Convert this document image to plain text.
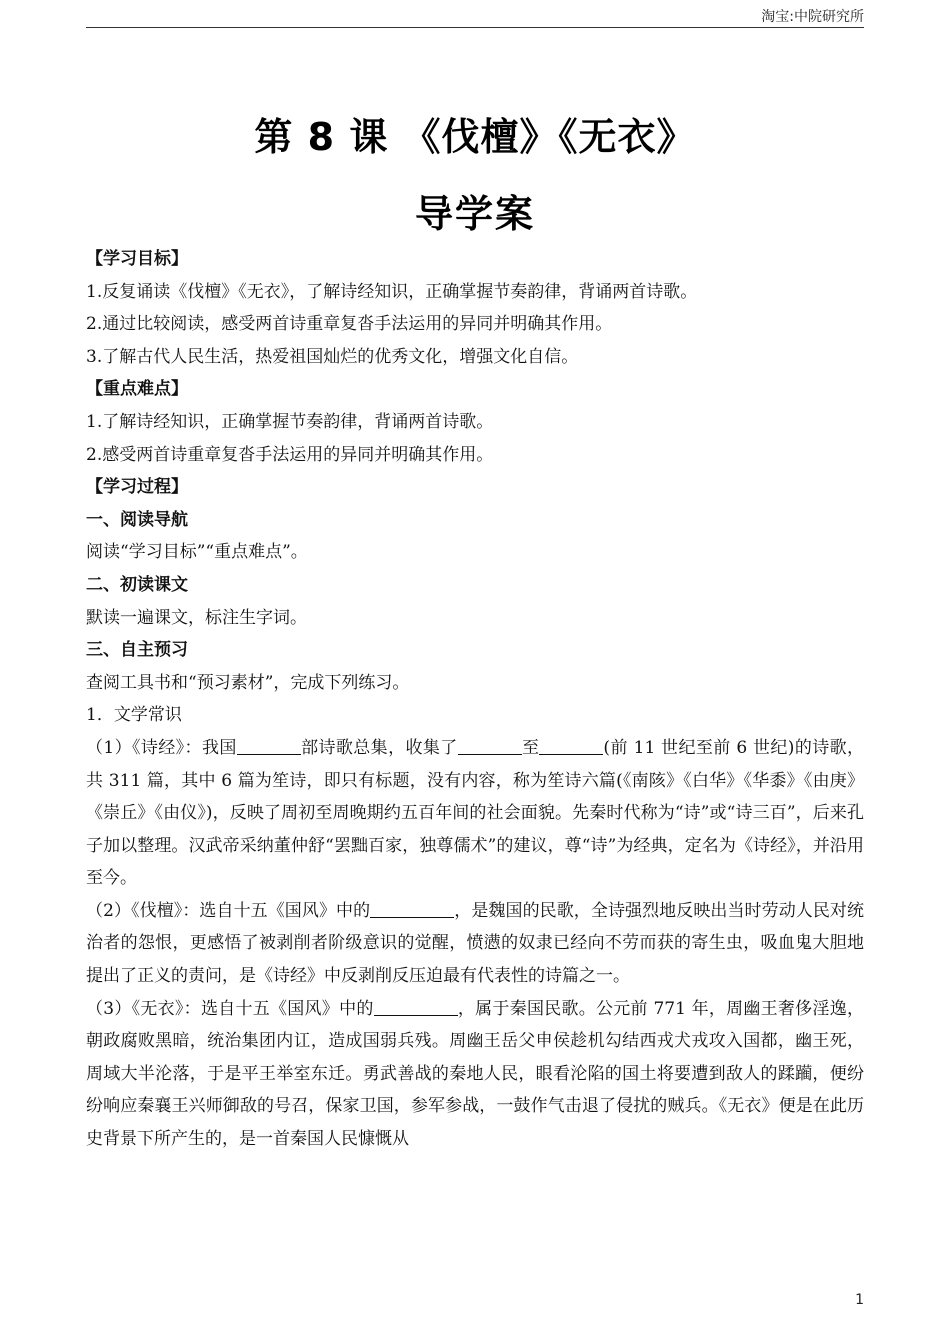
淘宝:中院研究所
第 8 课 《伐檀》《无衣》
导学案

【学习目标】

1.反复诵读《伐檀》《无衣》，了解诗经知识，正确掌握节奏韵律，背诵两首诗歌。

2.通过比较阅读，感受两首诗重章复沓手法运用的异同并明确其作用。

3.了解古代人民生活，热爱祖国灿烂的优秀文化，增强文化自信。

【重点难点】

1.了解诗经知识，正确掌握节奏韵律，背诵两首诗歌。

2.感受两首诗重章复沓手法运用的异同并明确其作用。

【学习过程】

一、阅读导航

阅读“学习目标”“重点难点”。

二、初读课文

默读一遍课文，标注生字词。

三、自主预习

查阅工具书和“预习素材”，完成下列练习。

1．文学常识

（1）《诗经》：我国	部诗歌总集，收集了	至	(前 11 世纪至前 6 世纪)的诗歌，共 311 篇，其中 6 篇为笙诗，即只有标题，没有内容，称为笙诗六篇(《南陔》《白华》《华黍》《由庚》《崇丘》《由仪》)，反映了周初至周晚期约五百年间的社会面貌。先秦时代称为“诗”或“诗三百”，后来孔子加以整理。汉武帝采纳董仲舒“罢黜百家，独尊儒术”的建议，尊“诗”为经典，定名为《诗经》，并沿用至今。

（2）《伐檀》：选自十五《国风》中的	，是魏国的民歌，全诗强烈地反映出当时劳动人民对统治者的怨恨，更感悟了被剥削者阶级意识的觉醒，愤懑的奴隶已经向不劳而获的寄生虫，吸血鬼大胆地提出了正义的责问，是《诗经》中反剥削反压迫最有代表性的诗篇之一。

（3）《无衣》：选自十五《国风》中的	，属于秦国民歌。公元前 771 年，周幽王奢侈淫逸，朝政腐败黑暗，统治集团内讧，造成国弱兵残。周幽王岳父申侯趁机勾结西戎犬戎攻入国都，幽王死，周域大半沦落，于是平王举室东迁。勇武善战的秦地人民，眼看沦陷的国土将要遭到敌人的蹂躏，便纷纷响应秦襄王兴师御敌的号召，保家卫国，参军参战，一鼓作气击退了侵扰的贼兵。《无衣》便是在此历史背景下所产生的，是一首秦国人民慷慨从

1
